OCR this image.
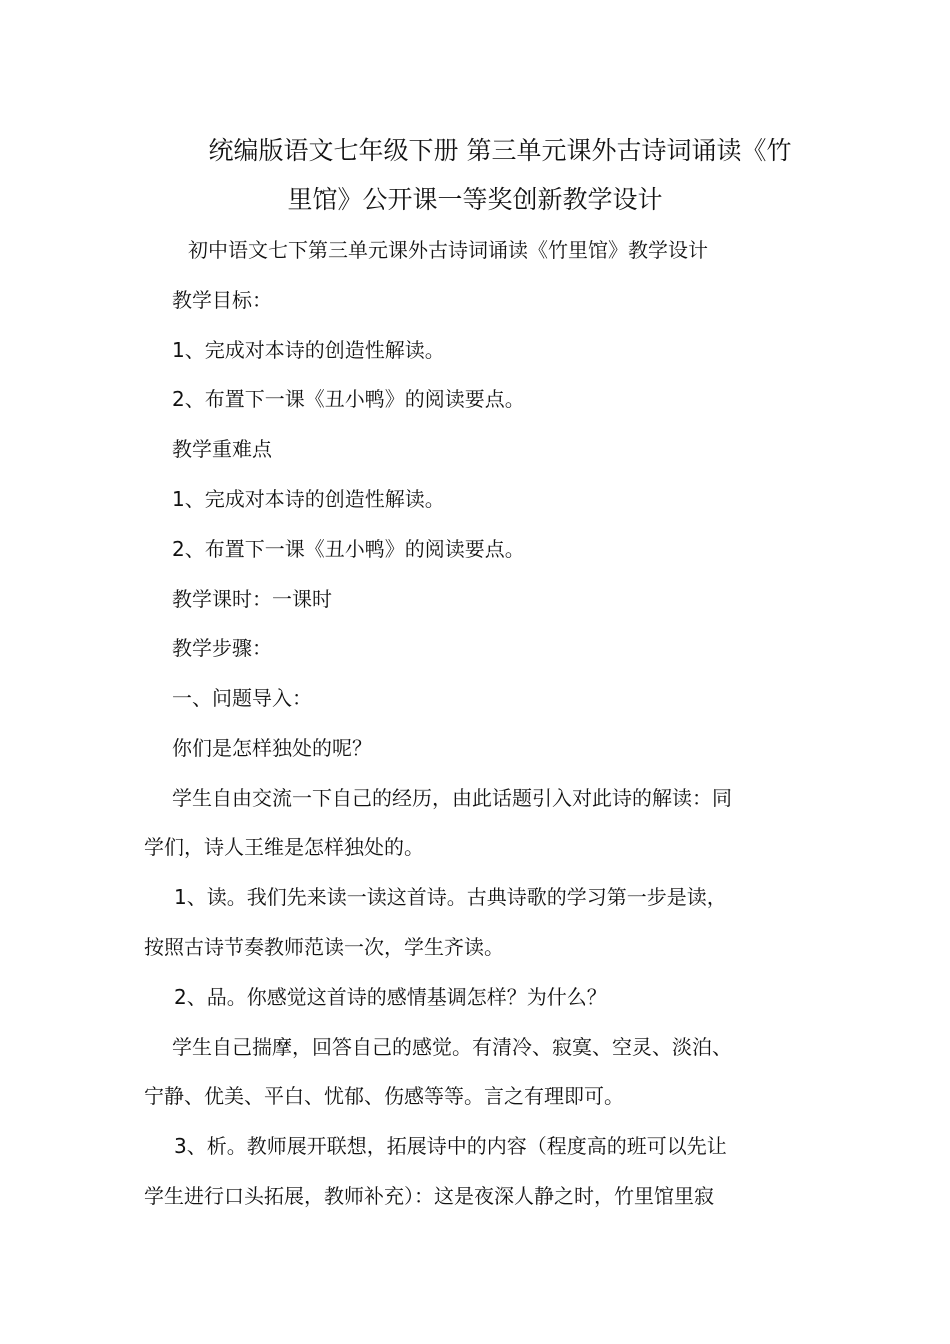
统编版语文七年级下册 第三单元课外古诗词诵读《竹
里馆》公开课一等奖创新教学设计
初中语文七下第三单元课外古诗词诵读《竹里馆》教学设计
教学目标：
1、完成对本诗的创造性解读。
2、布置下一课《丑小鸭》的阅读要点。
教学重难点
1、完成对本诗的创造性解读。
2、布置下一课《丑小鸭》的阅读要点。
教学课时：一课时
教学步骤：
一、问题导入：
你们是怎样独处的呢？
学生自由交流一下自己的经历，由此话题引入对此诗的解读：同
学们，诗人王维是怎样独处的。
1、读。我们先来读一读这首诗。古典诗歌的学习第一步是读，
按照古诗节奏教师范读一次，学生齐读。
2、品。你感觉这首诗的感情基调怎样？为什么？
学生自己揣摩，回答自己的感觉。有清冷、寂寞、空灵、淡泊、
宁静、优美、平白、忧郁、伤感等等。言之有理即可。
3、析。教师展开联想，拓展诗中的内容（程度高的班可以先让
学生进行口头拓展，教师补充）：这是夜深人静之时，竹里馆里寂
